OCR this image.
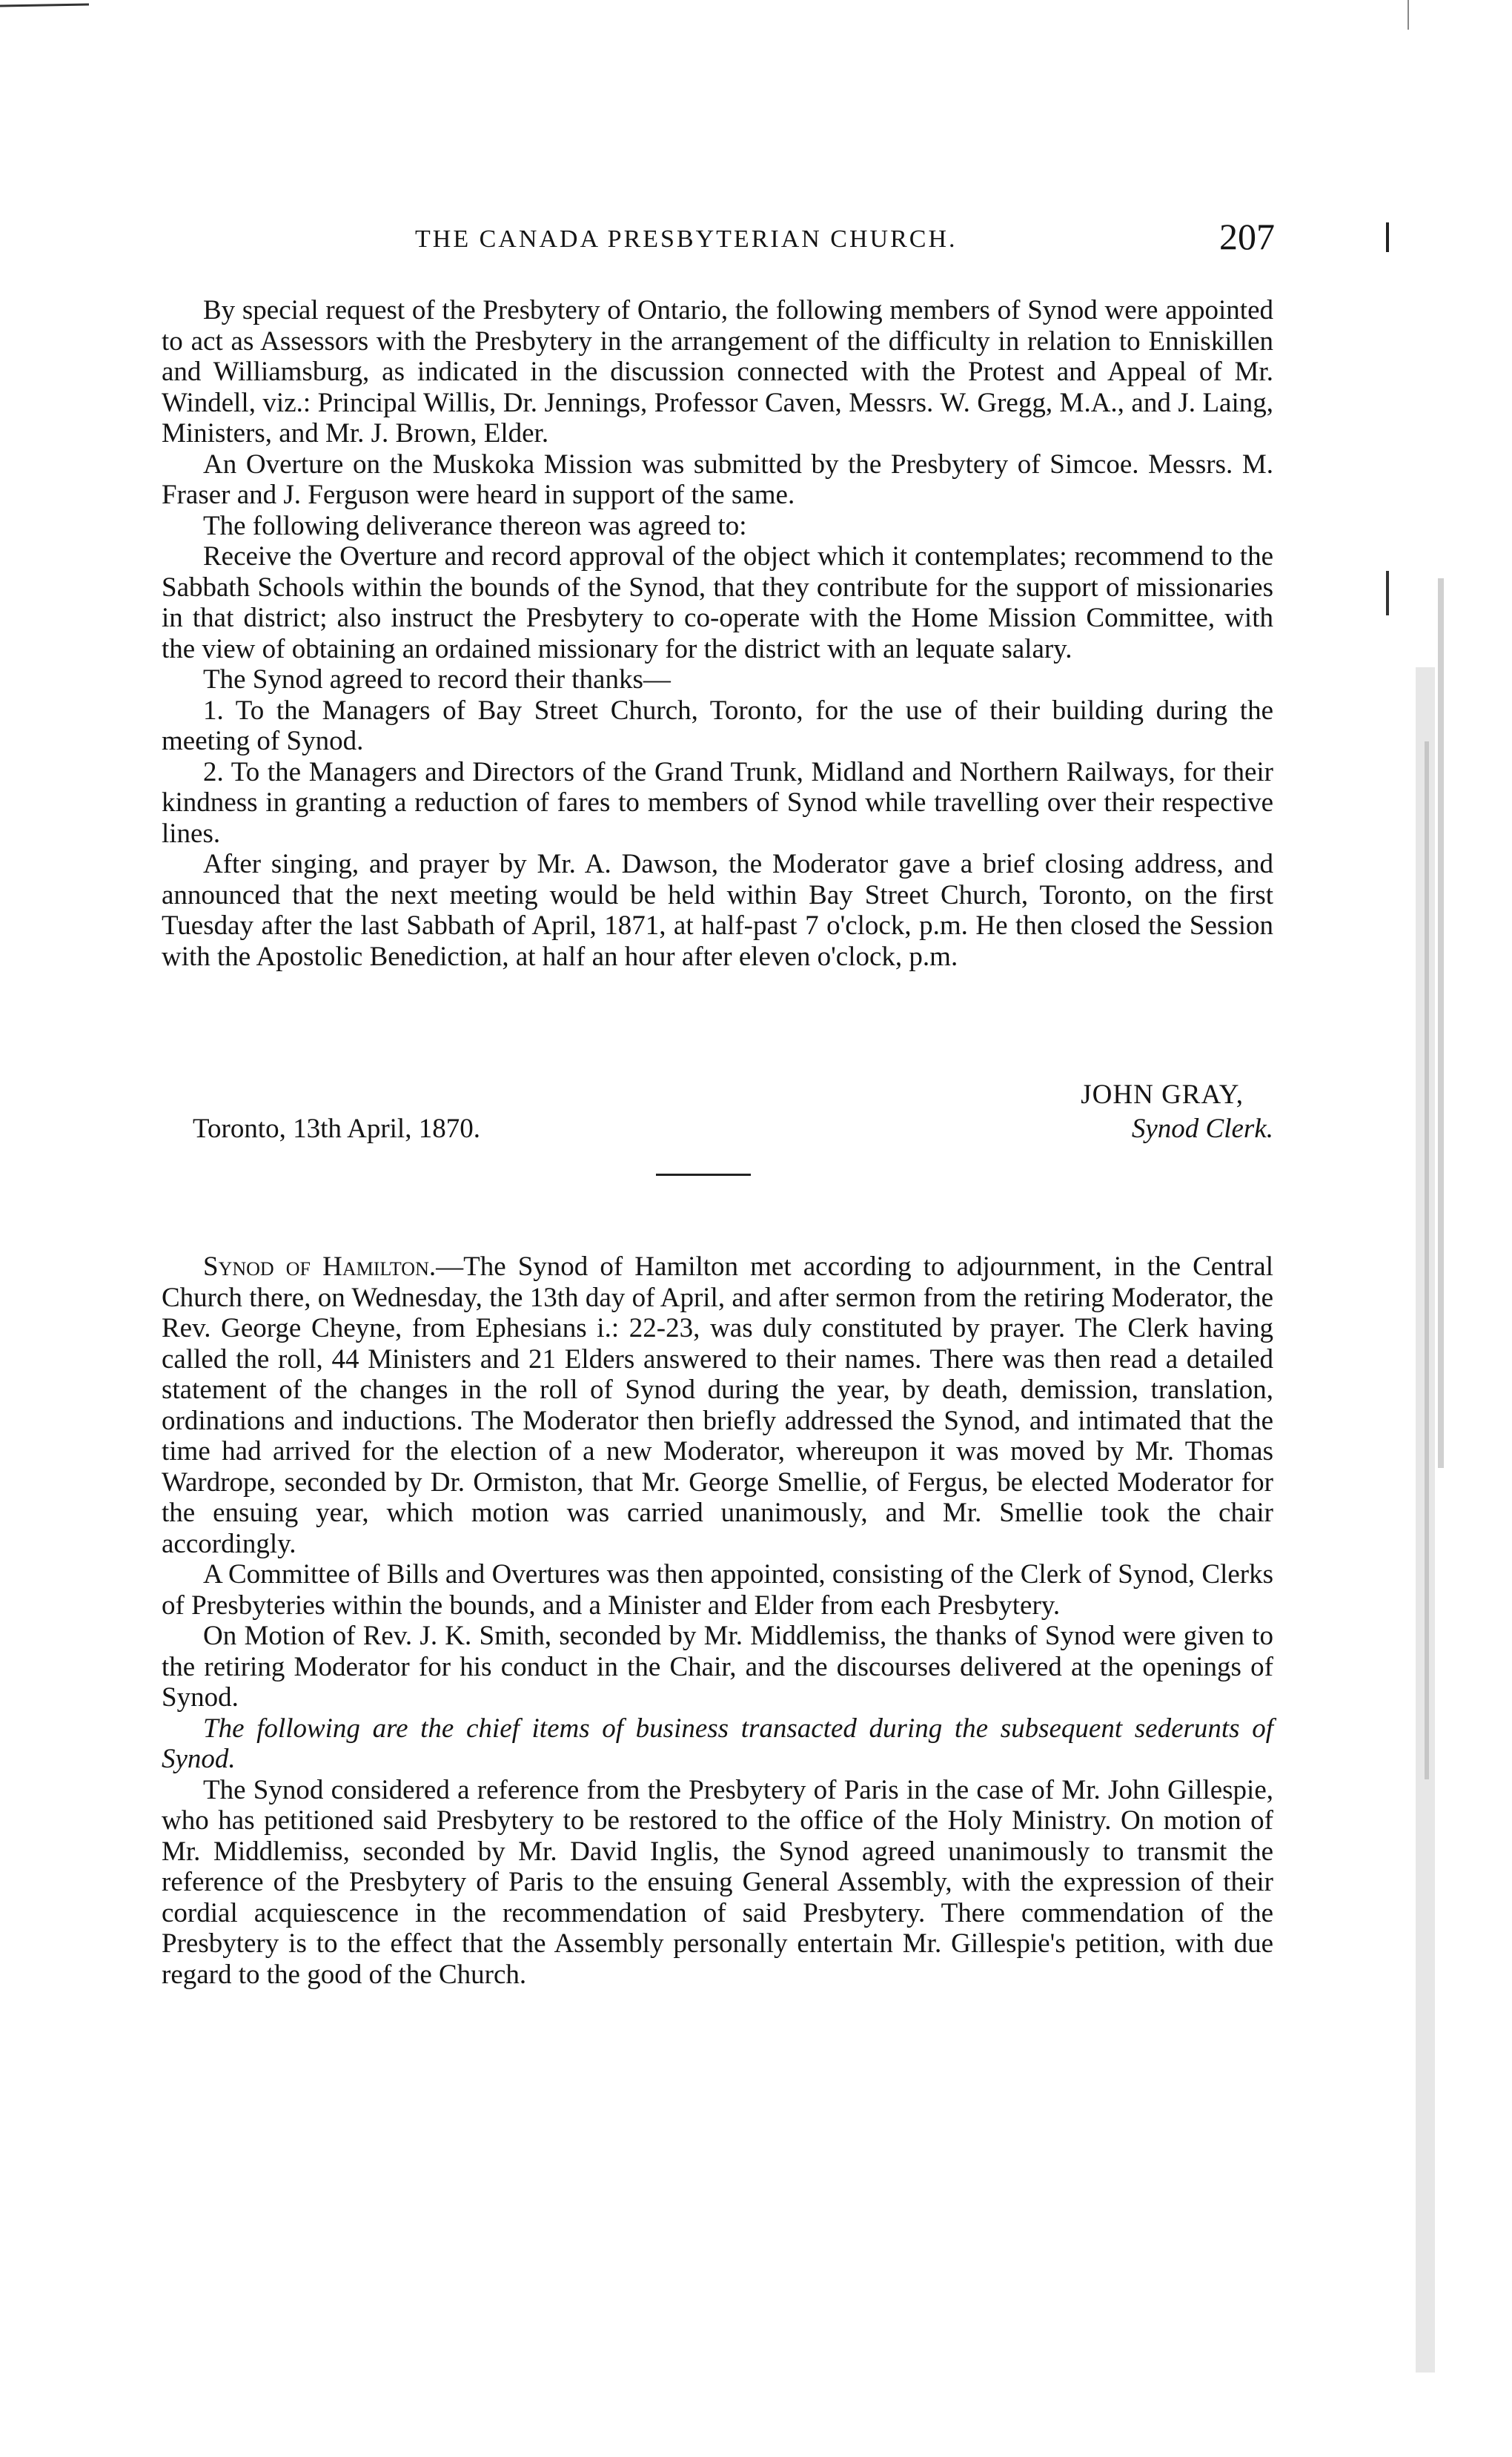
THE CANADA PRESBYTERIAN CHURCH.	207

By special request of the Presbytery of Ontario, the following members of Synod were appointed to act as Assessors with the Presbytery in the arrangement of the difficulty in relation to Enniskillen and Williamsburg, as indicated in the discussion connected with the Protest and Appeal of Mr. Windell, viz.: Principal Willis, Dr. Jennings, Professor Caven, Messrs. W. Gregg, M.A., and J. Laing, Ministers, and Mr. J. Brown, Elder.

An Overture on the Muskoka Mission was submitted by the Presbytery of Simcoe. Messrs. M. Fraser and J. Ferguson were heard in support of the same.

The following deliverance thereon was agreed to:

Receive the Overture and record approval of the object which it contemplates; recommend to the Sabbath Schools within the bounds of the Synod, that they contribute for the support of missionaries in that district; also instruct the Presbytery to co-operate with the Home Mission Committee, with the view of obtaining an ordained missionary for the district with an lequate salary.

The Synod agreed to record their thanks—

1. To the Managers of Bay Street Church, Toronto, for the use of their building during the meeting of Synod.

2. To the Managers and Directors of the Grand Trunk, Midland and Northern Railways, for their kindness in granting a reduction of fares to members of Synod while travelling over their respective lines.

After singing, and prayer by Mr. A. Dawson, the Moderator gave a brief closing address, and announced that the next meeting would be held within Bay Street Church, Toronto, on the first Tuesday after the last Sabbath of April, 1871, at half-past 7 o'clock, p.m. He then closed the Session with the Apostolic Benediction, at half an hour after eleven o'clock, p.m.

JOHN GRAY,
Toronto, 13th April, 1870.	Synod Clerk.

Synod of Hamilton.—The Synod of Hamilton met according to adjournment, in the Central Church there, on Wednesday, the 13th day of April, and after sermon from the retiring Moderator, the Rev. George Cheyne, from Ephesians i.: 22-23, was duly constituted by prayer. The Clerk having called the roll, 44 Ministers and 21 Elders answered to their names. There was then read a detailed statement of the changes in the roll of Synod during the year, by death, demission, translation, ordinations and inductions. The Moderator then briefly addressed the Synod, and intimated that the time had arrived for the election of a new Moderator, whereupon it was moved by Mr. Thomas Wardrope, seconded by Dr. Ormiston, that Mr. George Smellie, of Fergus, be elected Moderator for the ensuing year, which motion was carried unanimously, and Mr. Smellie took the chair accordingly.

A Committee of Bills and Overtures was then appointed, consisting of the Clerk of Synod, Clerks of Presbyteries within the bounds, and a Minister and Elder from each Presbytery.

On Motion of Rev. J. K. Smith, seconded by Mr. Middlemiss, the thanks of Synod were given to the retiring Moderator for his conduct in the Chair, and the discourses delivered at the openings of Synod.

The following are the chief items of business transacted during the subsequent sederunts of Synod.

The Synod considered a reference from the Presbytery of Paris in the case of Mr. John Gillespie, who has petitioned said Presbytery to be restored to the office of the Holy Ministry. On motion of Mr. Middlemiss, seconded by Mr. David Inglis, the Synod agreed unanimously to transmit the reference of the Presbytery of Paris to the ensuing General Assembly, with the expression of their cordial acquiescence in the recommendation of said Presbytery. There commendation of the Presbytery is to the effect that the Assembly personally entertain Mr. Gillespie's petition, with due regard to the good of the Church.
